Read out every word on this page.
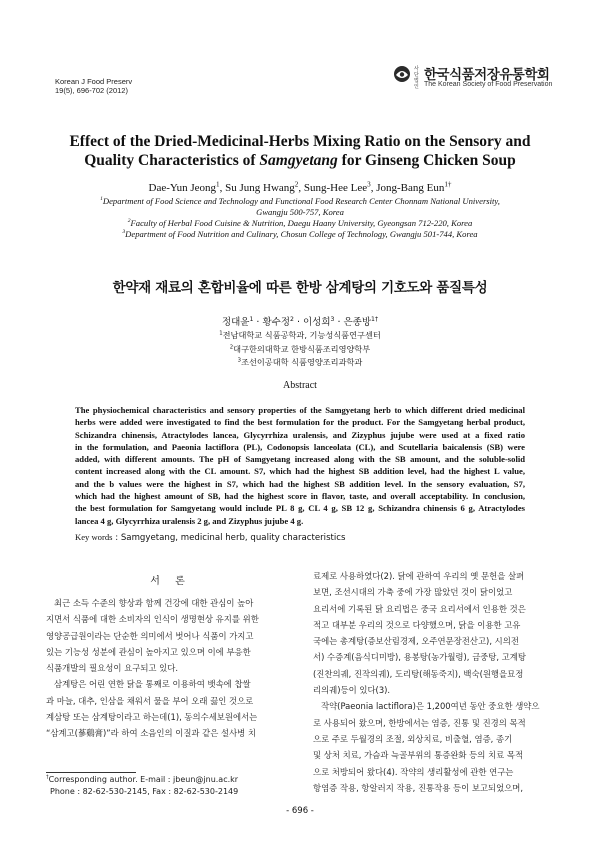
Korean J Food Preserv
19(5), 696-702 (2012)
사단 법인
한국식품저장유통학회
The Korean Society of Food Preservation
Effect of the Dried-Medicinal-Herbs Mixing Ratio on the Sensory and
Quality Characteristics of Samgyetang for Ginseng Chicken Soup
Dae-Yun Jeong$^1$, Su Jung Hwang$^2$, Sung-Hee Lee$^3$, Jong-Bang Eun$^{1\dagger}$
$^1$Department of Food Science and Technology and Functional Food Research Center Chonnam National University,
Gwangju 500-757, Korea
$^2$Faculty of Herbal Food Cuisine & Nutrition, Daegu Haany University, Gyeongsan 712-220, Korea
$^3$Department of Food Nutrition and Culinary, Chosun College of Technology, Gwangju 501-744, Korea
한약재 재료의 혼합비율에 따른 한방 삼계탕의 기호도와 품질특성
정대윤$^1$ · 황수정$^2$ · 이성희$^3$ · 은종방$^{1\dagger}$
$^1$전남대학교 식품공학과, 기능성식품연구센터
$^2$대구한의대학교 한방식품조리영양학부
$^3$조선이공대학 식품영양조리과학과
Abstract
The physiochemical characteristics and sensory properties of the Samgyetang herb to which different dried medicinal
herbs were added were investigated to find the best formulation for the product. For the Samgyetang herbal product,
Schizandra chinensis, Atractylodes lancea, Glycyrrhiza uralensis, and Zizyphus jujube were used at a fixed ratio
in the formulation, and Paeonia lactiflora (PL), Codonopsis lanceolata (CL), and Scutellaria baicalensis (SB) were
added, with different amounts. The pH of Samgyetang increased along with the SB amount, and the soluble-solid
content increased along with the CL amount. S7, which had the highest SB addition level, had the highest L value,
and the b values were the highest in S7, which had the highest SB addition level. In the sensory evaluation, S7,
which had the highest amount of SB, had the highest score in flavor, taste, and overall acceptability. In conclusion,
the best formulation for Samgyetang would include PL 8 g, CL 4 g, SB 12 g, Schizandra chinensis 6 g, Atractylodes
lancea 4 g, Glycyrrhiza uralensis 2 g, and Zizyphus jujube 4 g.
Key words : Samgyetang, medicinal herb, quality characteristics
서 론
최근 소득 수준의 향상과 함께 건강에 대한 관심이 높아
지면서 식품에 대한 소비자의 인식이 생명현상 유지를 위한
영양공급원이라는 단순한 의미에서 벗어나 식품이 가지고
있는 기능성 성분에 관심이 높아지고 있으며 이에 부응한
식품개발의 필요성이 요구되고 있다.
삼계탕은 어린 연한 닭을 통째로 이용하여 뱃속에 찹쌀
과 마늘, 대추, 인삼을 채워서 물을 부어 오래 끓인 것으로
계삼탕 또는 삼계탕이라고 하는데(1), 동의수세보원에서는
“삼계고(蔘鷄膏)”라 하여 소음인의 이질과 같은 설사병 치
료제로 사용하였다(2). 닭에 관하여 우리의 옛 문헌을 살펴
보면, 조선시대의 가축 중에 가장 많았던 것이 닭이었고
요리서에 기록된 닭 요리법은 중국 요리서에서 인용한 것은
적고 대부분 우리의 것으로 다양했으며, 닭을 이용한 고유
국에는 총계탕(증보산림경제, 오주연문장전산고), 시의전
서) 수증계(음식디미방), 용봉탕(농가월령), 금중탕, 고계탕
(진찬의궤, 진작의궤), 도리탕(해동죽지), 백숙(원행을묘정
리의궤)등이 있다(3).
작약(Paeonia lactiflora)은 1,200여년 동안 중요한 생약으
로 사용되어 왔으며, 한방에서는 염증, 진통 및 진경의 목적
으로 주로 두월경의 조절, 외상치료, 비출혈, 염증, 종기
및 상처 치료, 가슴과 늑골부위의 통증완화 등의 치료 목적
으로 처방되어 왔다(4). 작약의 생리활성에 관한 연구는
항염증 작용, 항알러지 작용, 진통작용 등이 보고되었으며,
†Corresponding author. E-mail : jbeun@jnu.ac.kr
Phone : 82-62-530-2145, Fax : 82-62-530-2149
- 696 -
